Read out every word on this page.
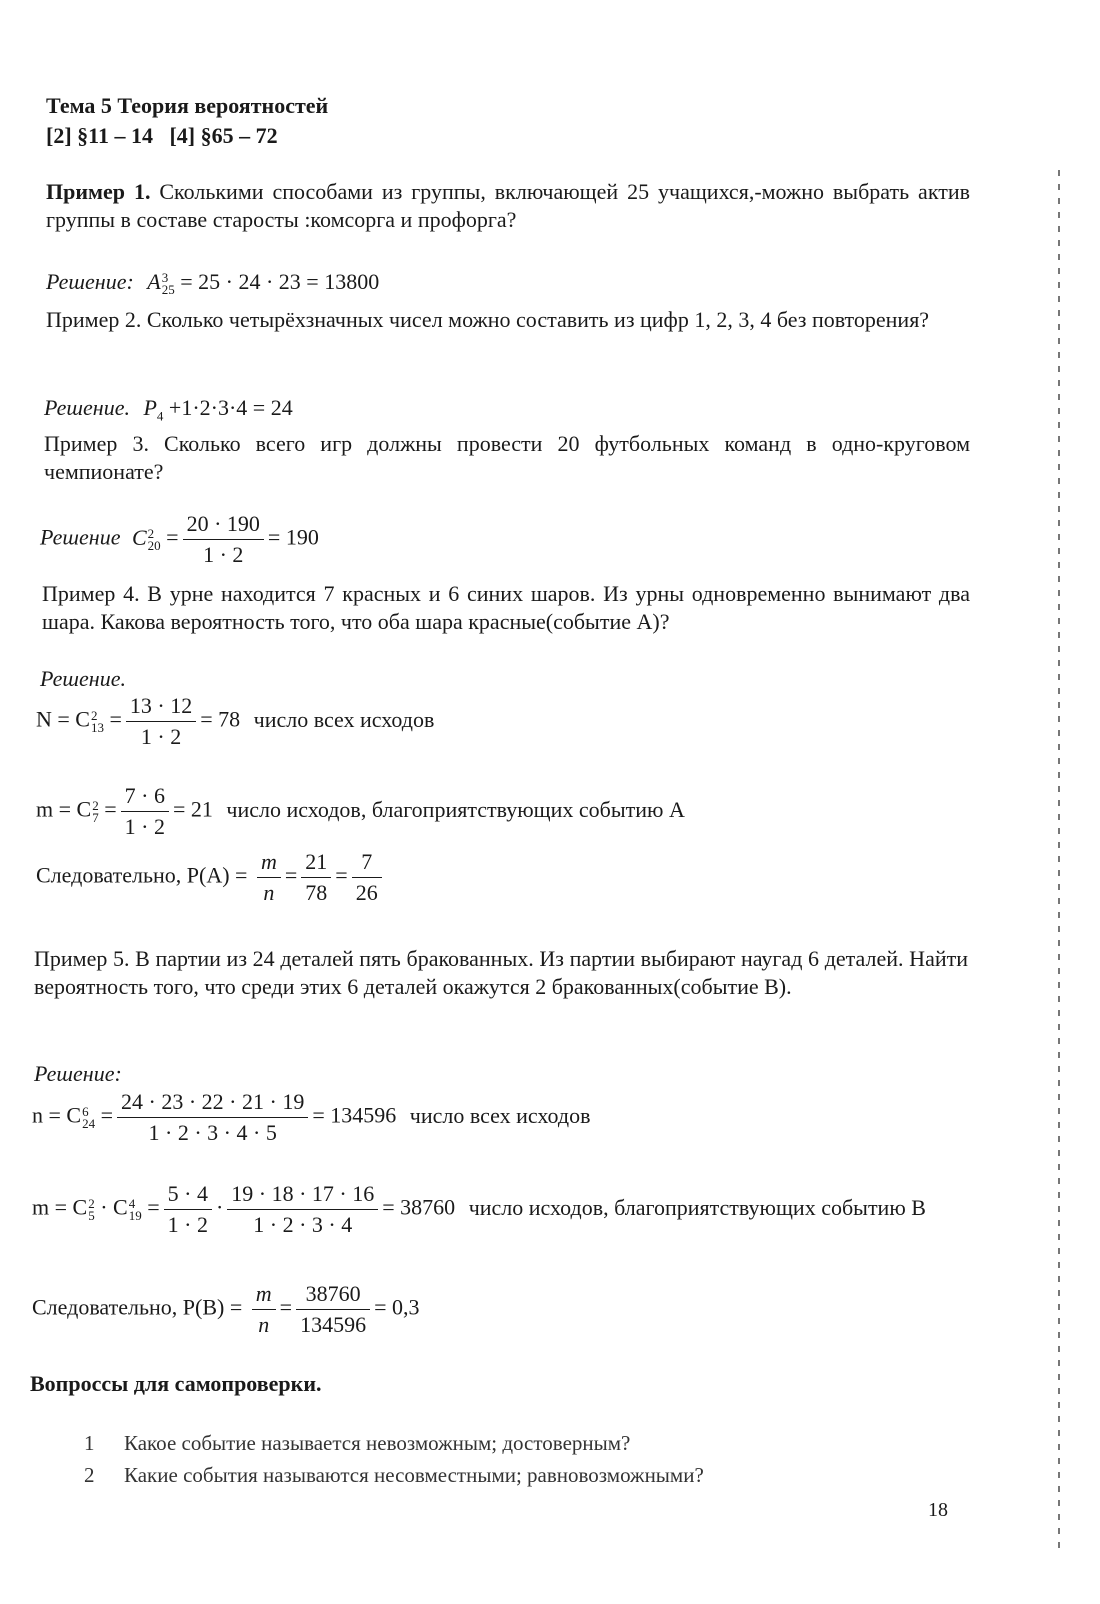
Тема 5 Теория вероятностей
[2] §11 – 14   [4] §65 – 72
Пример 1. Сколькими способами из группы, включающей 25 учащихся,-можно выбрать актив группы в составе старосты :комсорга и профорга?
Решение: A 3
25 = 25 · 24 · 23 = 13800
Пример 2. Сколько четырёхзначных чисел можно составить из цифр 1, 2, 3, 4 без повторения?
Решение. $P_4 +1\cdot 2\cdot 3\cdot 4 = 24$
Пример 3. Сколько всего игр должны провести 20 футбольных команд в одно-круговом чемпионате?
Решение C 2
$20 = \frac{20 \cdot 190}{1 \cdot 2} = 190$
Пример 4. В урне находится 7 красных и 6 синих шаров. Из урны одновременно вынимают два шара. Какова вероятность того, что оба шара красные(событие А)?
Решение.
N = C 2
$13 = \frac{13 \cdot 12}{1 \cdot 2} = 78$ число всех исходов
m = C 2
$7 = \frac{7 \cdot 6}{1 \cdot 2} = 21$ число исходов, благоприятствующих событию А
Следовательно, $Р(А) = \frac{m}{n} = \frac{21}{78} = \frac{7}{26}$
Пример 5. В партии из 24 деталей пять бракованных. Из партии выбирают наугад 6 деталей. Найти вероятность того, что среди этих 6 деталей окажутся 2 бракованных(событие В).
Решение:
n = C 6
$24 = \frac{24 \cdot 23 \cdot 22 \cdot 21 \cdot 19}{1 \cdot 2 \cdot 3 \cdot 4 \cdot 5} = 134596$ число всех исходов
m = C 2
5 · C 4
$19 = \frac{5 \cdot 4}{1 \cdot 2} \cdot \frac{19 \cdot 18 \cdot 17 \cdot 16}{1 \cdot 2 \cdot 3 \cdot 4} = 38760$ число исходов, благоприятствующих событию В
Следовательно, $Р(В) = \frac{m}{n} = \frac{38760}{134596} = 0,3$
Вопроссы для самопроверки.
1 Какое событие называется невозможным; достоверным?
2 Какие события называются несовместными; равновозможными?
18
